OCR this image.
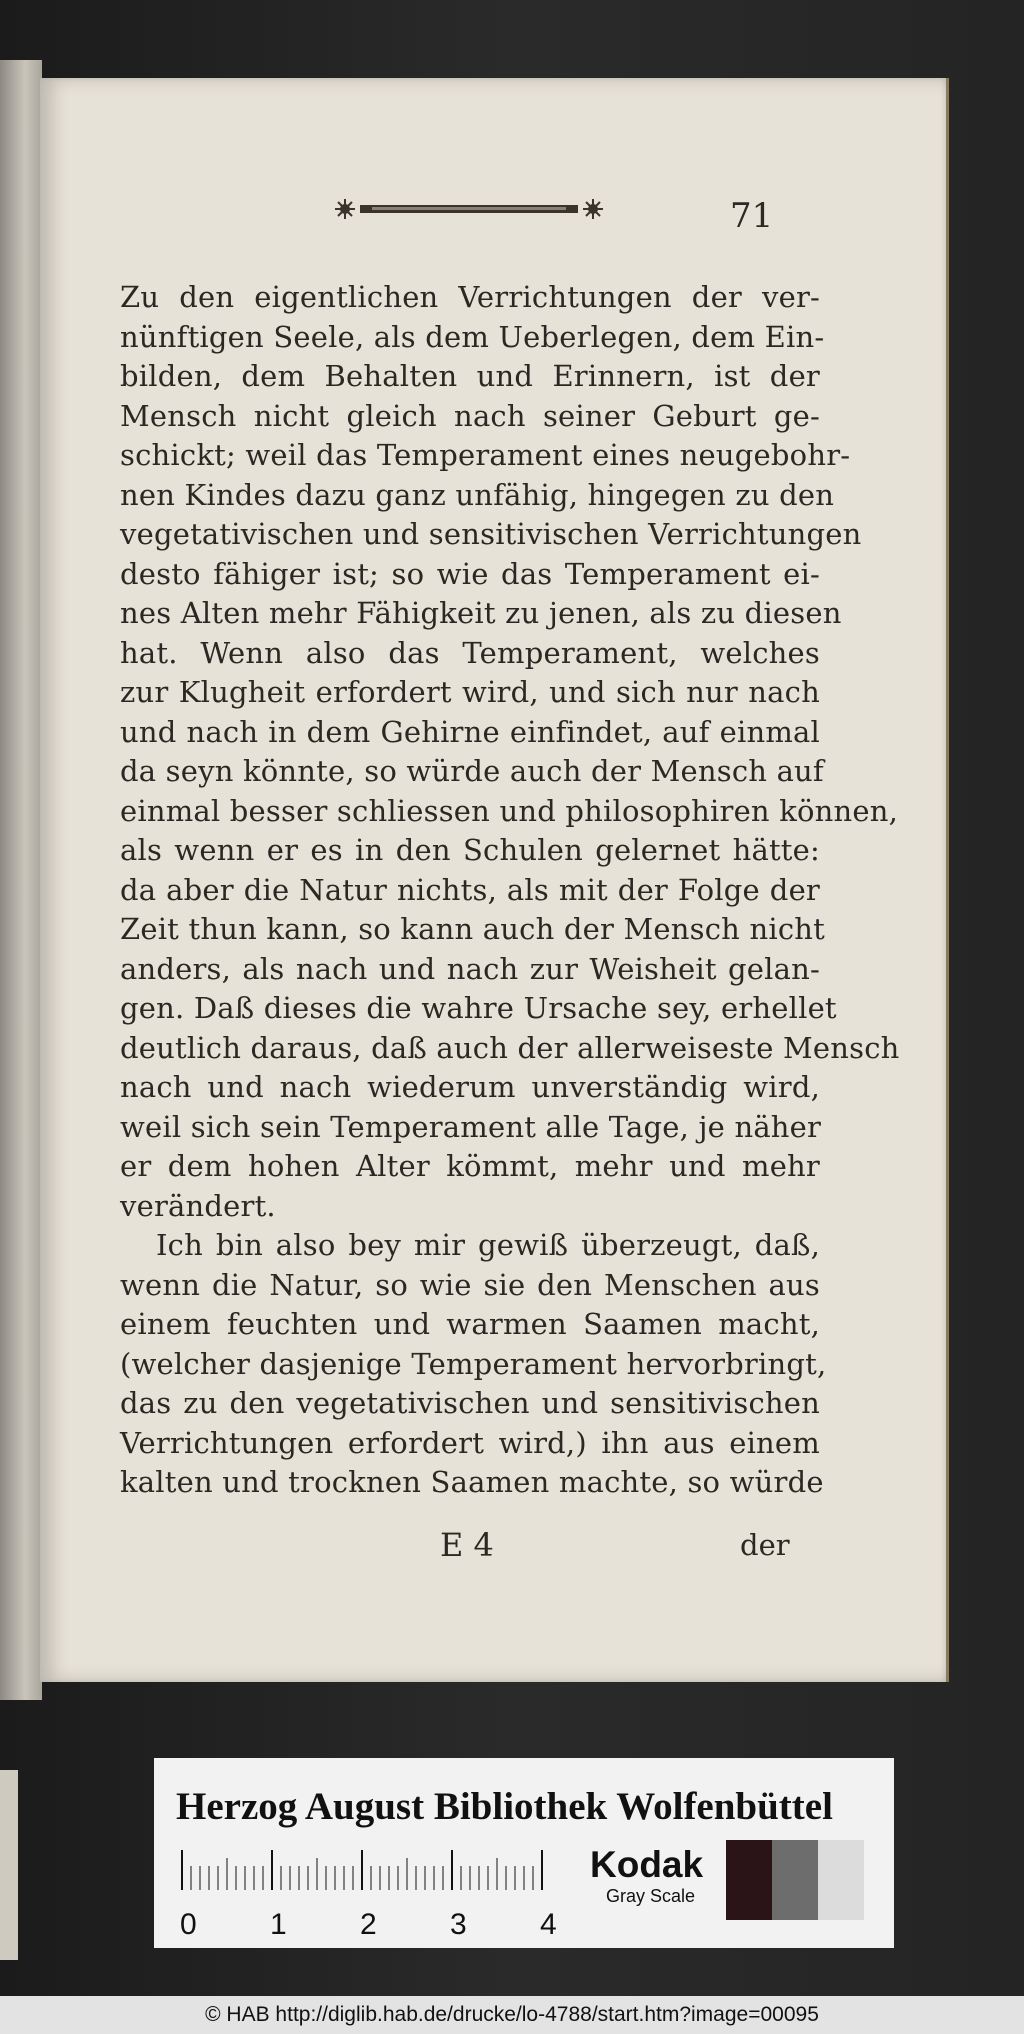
71
Zu den eigentlichen Verrichtungen der ver-
nünftigen Seele, als dem Ueberlegen, dem Ein-
bilden, dem Behalten und Erinnern, ist der
Mensch nicht gleich nach seiner Geburt ge-
schickt; weil das Temperament eines neugebohr-
nen Kindes dazu ganz unfähig, hingegen zu den
vegetativischen und sensitivischen Verrichtungen
desto fähiger ist; so wie das Temperament ei-
nes Alten mehr Fähigkeit zu jenen, als zu diesen
hat. Wenn also das Temperament, welches
zur Klugheit erfordert wird, und sich nur nach
und nach in dem Gehirne einfindet, auf einmal
da seyn könnte, so würde auch der Mensch auf
einmal besser schliessen und philosophiren können,
als wenn er es in den Schulen gelernet hätte:
da aber die Natur nichts, als mit der Folge der
Zeit thun kann, so kann auch der Mensch nicht
anders, als nach und nach zur Weisheit gelan-
gen. Daß dieses die wahre Ursache sey, erhellet
deutlich daraus, daß auch der allerweiseste Mensch
nach und nach wiederum unverständig wird,
weil sich sein Temperament alle Tage, je näher
er dem hohen Alter kömmt, mehr und mehr
verändert.
Ich bin also bey mir gewiß überzeugt, daß,
wenn die Natur, so wie sie den Menschen aus
einem feuchten und warmen Saamen macht,
(welcher dasjenige Temperament hervorbringt,
das zu den vegetativischen und sensitivischen
Verrichtungen erfordert wird,) ihn aus einem
kalten und trocknen Saamen machte, so würde
E 4	der
Herzog August Bibliothek Wolfenbüttel
0 1 2 3 4
Kodak
Gray Scale
© HAB http://diglib.hab.de/drucke/lo-4788/start.htm?image=00095
